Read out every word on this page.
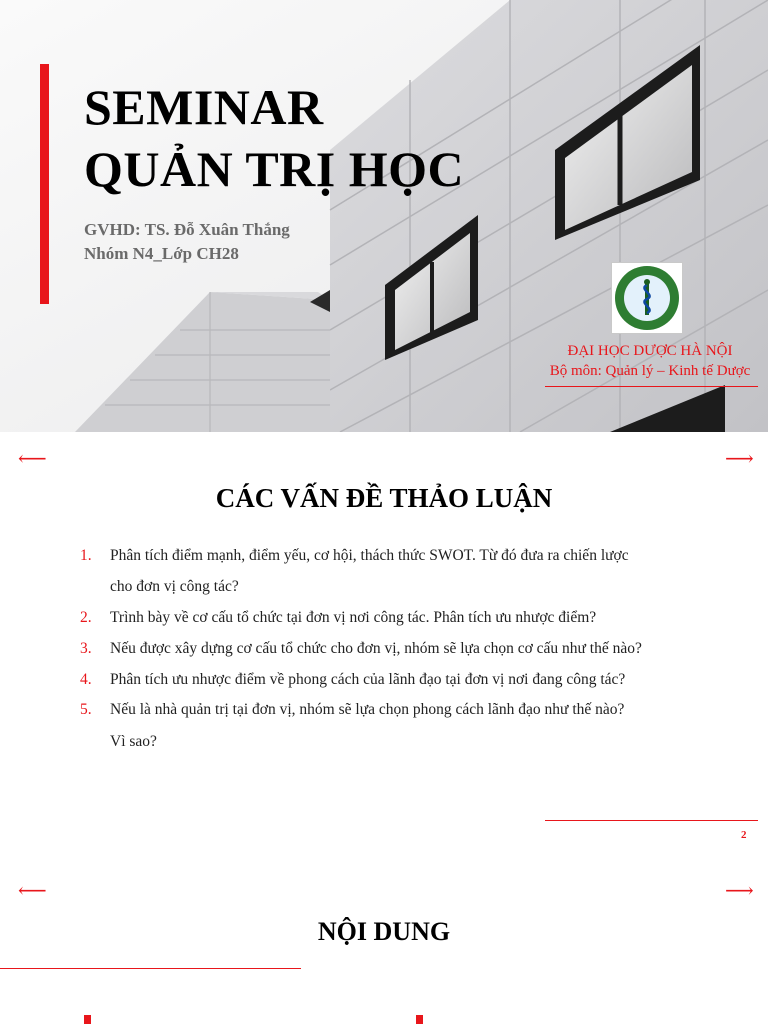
SEMINAR
QUẢN TRỊ HỌC
GVHD: TS. Đỗ Xuân Thắng
Nhóm N4_Lớp CH28
ĐẠI HỌC DƯỢC HÀ NỘI
Bộ môn: Quản lý – Kinh tế Dược
⟵	⟶
CÁC VẤN ĐỀ THẢO LUẬN
1. Phân tích điểm mạnh, điểm yếu, cơ hội, thách thức SWOT. Từ đó đưa ra chiến lược
cho đơn vị công tác?
2. Trình bày về cơ cấu tổ chức tại đơn vị nơi công tác. Phân tích ưu nhược điểm?
3. Nếu được xây dựng cơ cấu tổ chức cho đơn vị, nhóm sẽ lựa chọn cơ cấu như thế nào?
4. Phân tích ưu nhược điểm về phong cách của lãnh đạo tại đơn vị nơi đang công tác?
5. Nếu là nhà quản trị tại đơn vị, nhóm sẽ lựa chọn phong cách lãnh đạo như thế nào?
Vì sao?
2
⟵	⟶
NỘI DUNG
